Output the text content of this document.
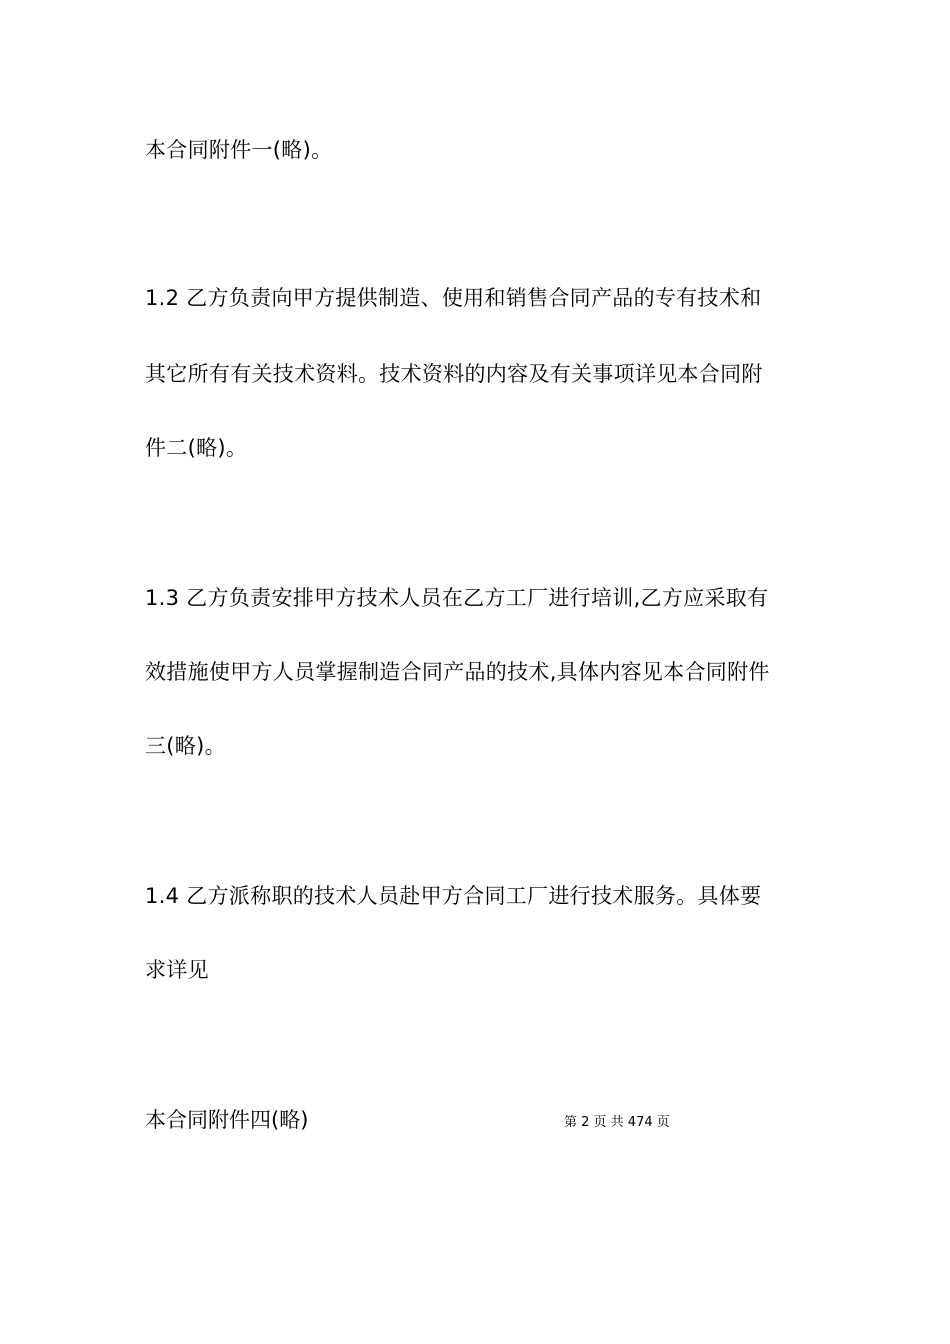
本合同附件一(略)。
1.2 乙方负责向甲方提供制造、使用和销售合同产品的专有技术和
其它所有有关技术资料。技术资料的内容及有关事项详见本合同附
件二(略)。
1.3 乙方负责安排甲方技术人员在乙方工厂进行培训,乙方应采取有
效措施使甲方人员掌握制造合同产品的技术,具体内容见本合同附件
三(略)。
1.4 乙方派称职的技术人员赴甲方合同工厂进行技术服务。具体要
求详见
本合同附件四(略)	第 2 页 共 474 页
